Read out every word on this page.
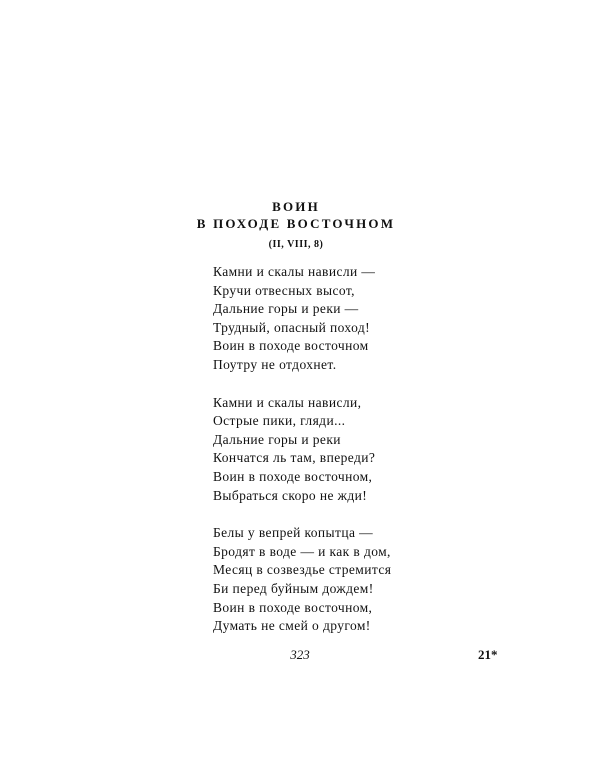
ВОИН
В ПОХОДЕ ВОСТОЧНОМ
(II, VIII, 8)
Камни и скалы нависли —
Кручи отвесных высот,
Дальние горы и реки —
Трудный, опасный поход!
Воин в походе восточном
Поутру не отдохнет.
Камни и скалы нависли,
Острые пики, гляди...
Дальние горы и реки
Кончатся ль там, впереди?
Воин в походе восточном,
Выбраться скоро не жди!
Белы у вепрей копытца —
Бродят в воде — и как в дом,
Месяц в созвездье стремится
Би перед буйным дождем!
Воин в походе восточном,
Думать не смей о другом!
323	21*
